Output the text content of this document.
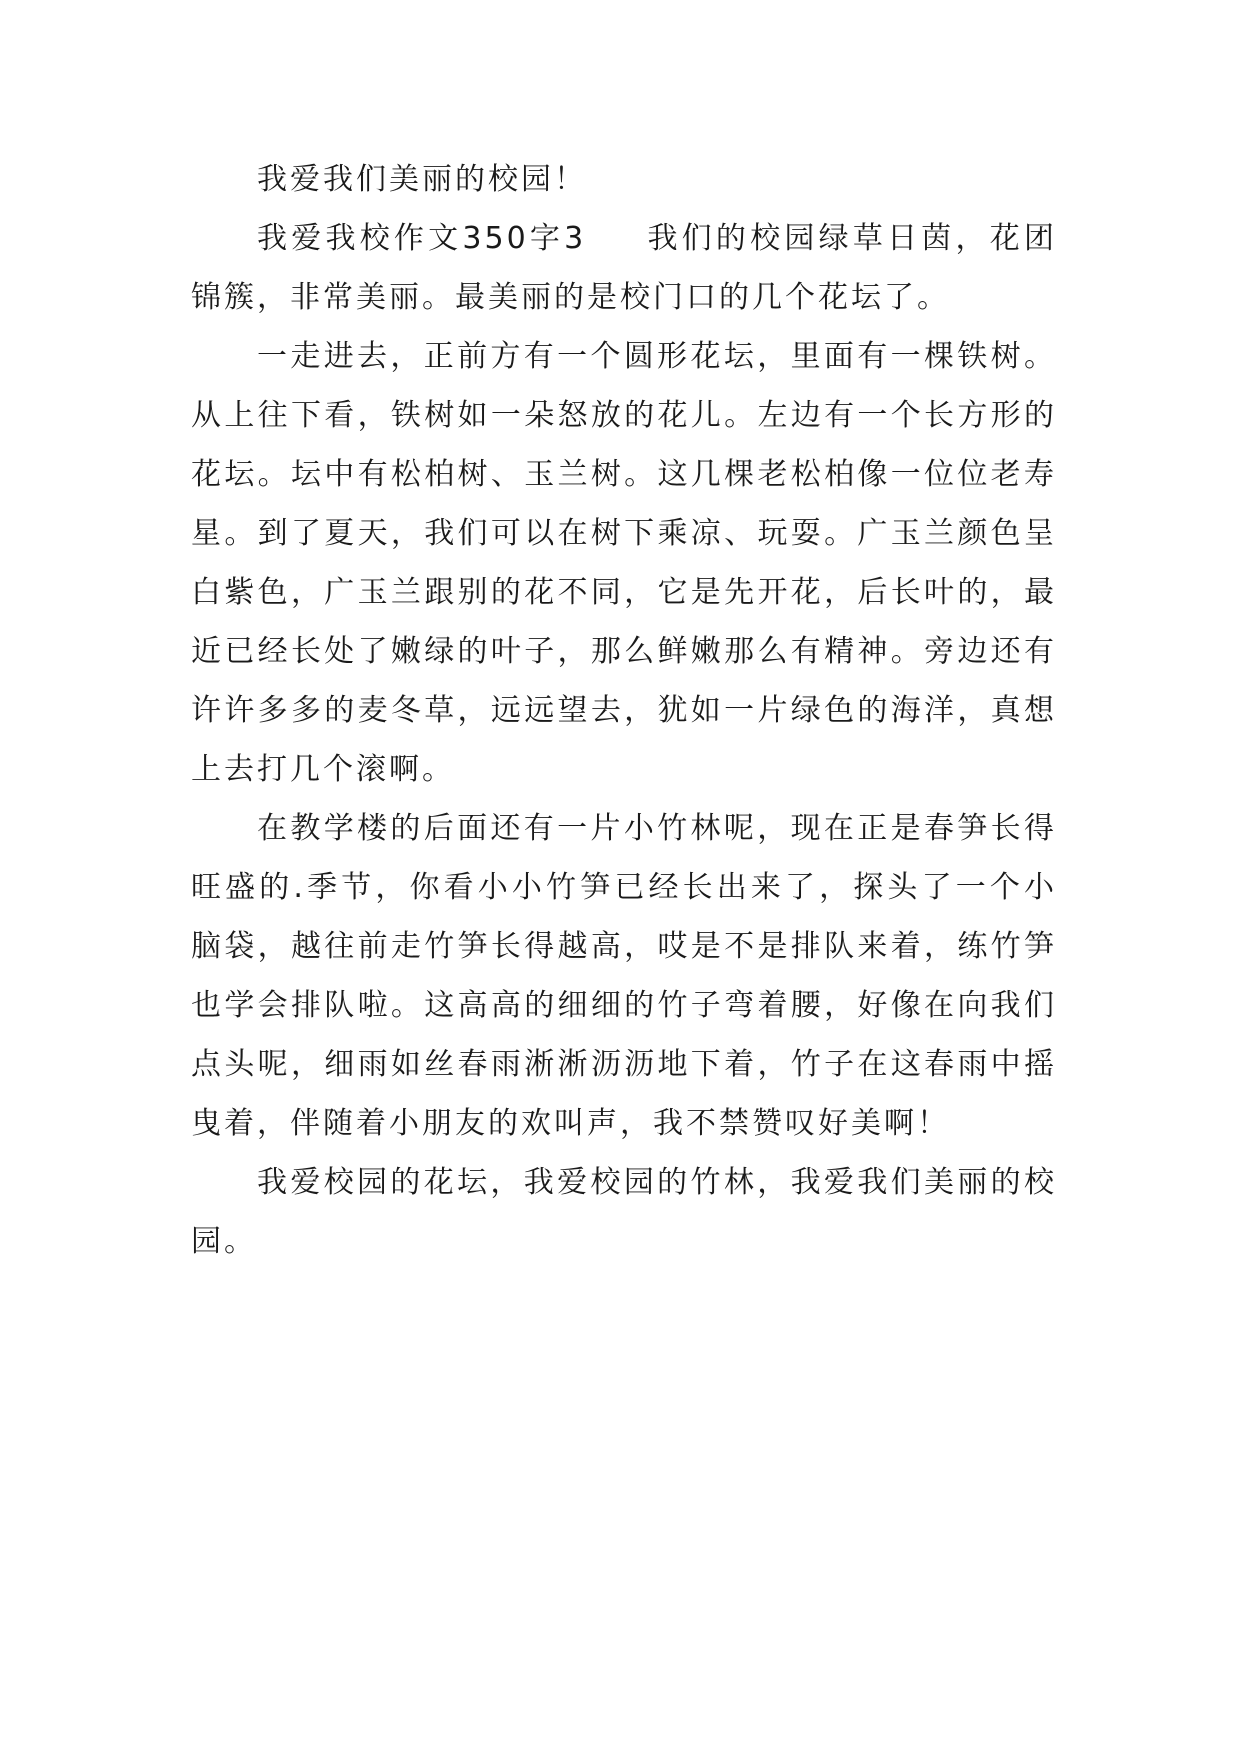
我爱我们美丽的校园！

我爱我校作文350字3 我们的校园绿草日茵，花团锦簇，非常美丽。最美丽的是校门口的几个花坛了。

一走进去，正前方有一个圆形花坛，里面有一棵铁树。从上往下看，铁树如一朵怒放的花儿。左边有一个长方形的花坛。坛中有松柏树、玉兰树。这几棵老松柏像一位位老寿星。到了夏天，我们可以在树下乘凉、玩耍。广玉兰颜色呈白紫色，广玉兰跟别的花不同，它是先开花，后长叶的，最近已经长处了嫩绿的叶子，那么鲜嫩那么有精神。旁边还有许许多多的麦冬草，远远望去，犹如一片绿色的海洋，真想上去打几个滚啊。

在教学楼的后面还有一片小竹林呢，现在正是春笋长得旺盛的.季节，你看小小竹笋已经长出来了，探头了一个小脑袋，越往前走竹笋长得越高，哎是不是排队来着，练竹笋也学会排队啦。这高高的细细的竹子弯着腰，好像在向我们点头呢，细雨如丝春雨淅淅沥沥地下着，竹子在这春雨中摇曳着，伴随着小朋友的欢叫声，我不禁赞叹好美啊！

我爱校园的花坛，我爱校园的竹林，我爱我们美丽的校园。
